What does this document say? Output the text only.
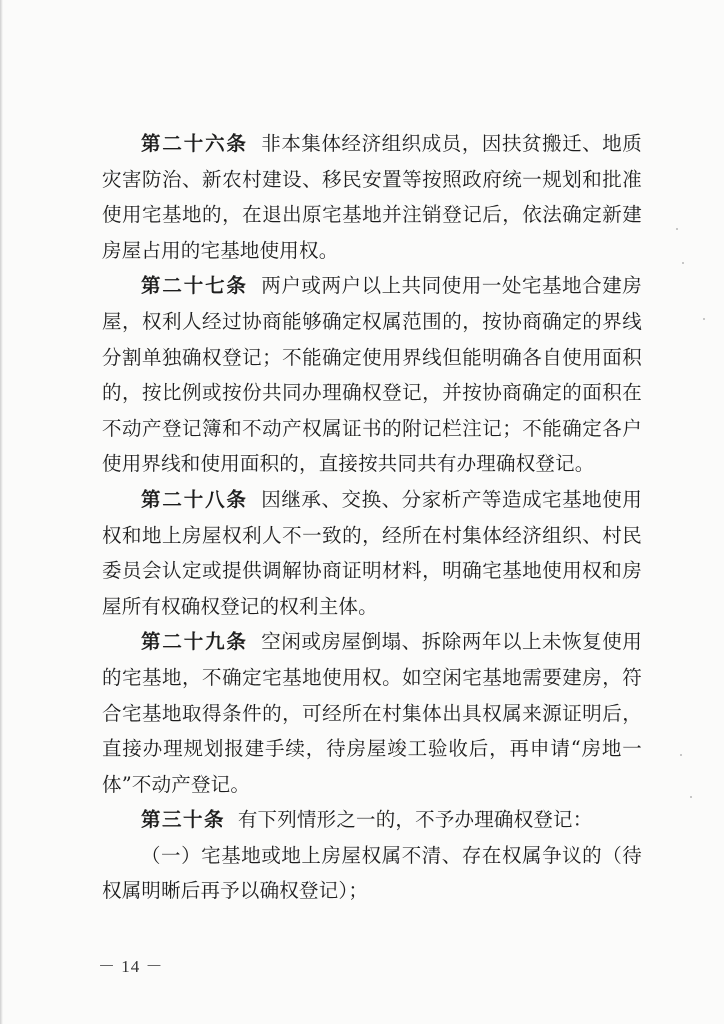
第二十六条 非本集体经济组织成员，因扶贫搬迁、地质灾害防治、新农村建设、移民安置等按照政府统一规划和批准使用宅基地的，在退出原宅基地并注销登记后，依法确定新建房屋占用的宅基地使用权。

第二十七条 两户或两户以上共同使用一处宅基地合建房屋，权利人经过协商能够确定权属范围的，按协商确定的界线分割单独确权登记；不能确定使用界线但能明确各自使用面积的，按比例或按份共同办理确权登记，并按协商确定的面积在不动产登记簿和不动产权属证书的附记栏注记；不能确定各户使用界线和使用面积的，直接按共同共有办理确权登记。

第二十八条 因继承、交换、分家析产等造成宅基地使用权和地上房屋权利人不一致的，经所在村集体经济组织、村民委员会认定或提供调解协商证明材料，明确宅基地使用权和房屋所有权确权登记的权利主体。

第二十九条 空闲或房屋倒塌、拆除两年以上未恢复使用的宅基地，不确定宅基地使用权。如空闲宅基地需要建房，符合宅基地取得条件的，可经所在村集体出具权属来源证明后，直接办理规划报建手续，待房屋竣工验收后，再申请“房地一体”不动产登记。

第三十条 有下列情形之一的，不予办理确权登记：

（一）宅基地或地上房屋权属不清、存在权属争议的（待权属明晰后再予以确权登记）；

－ 14 －
